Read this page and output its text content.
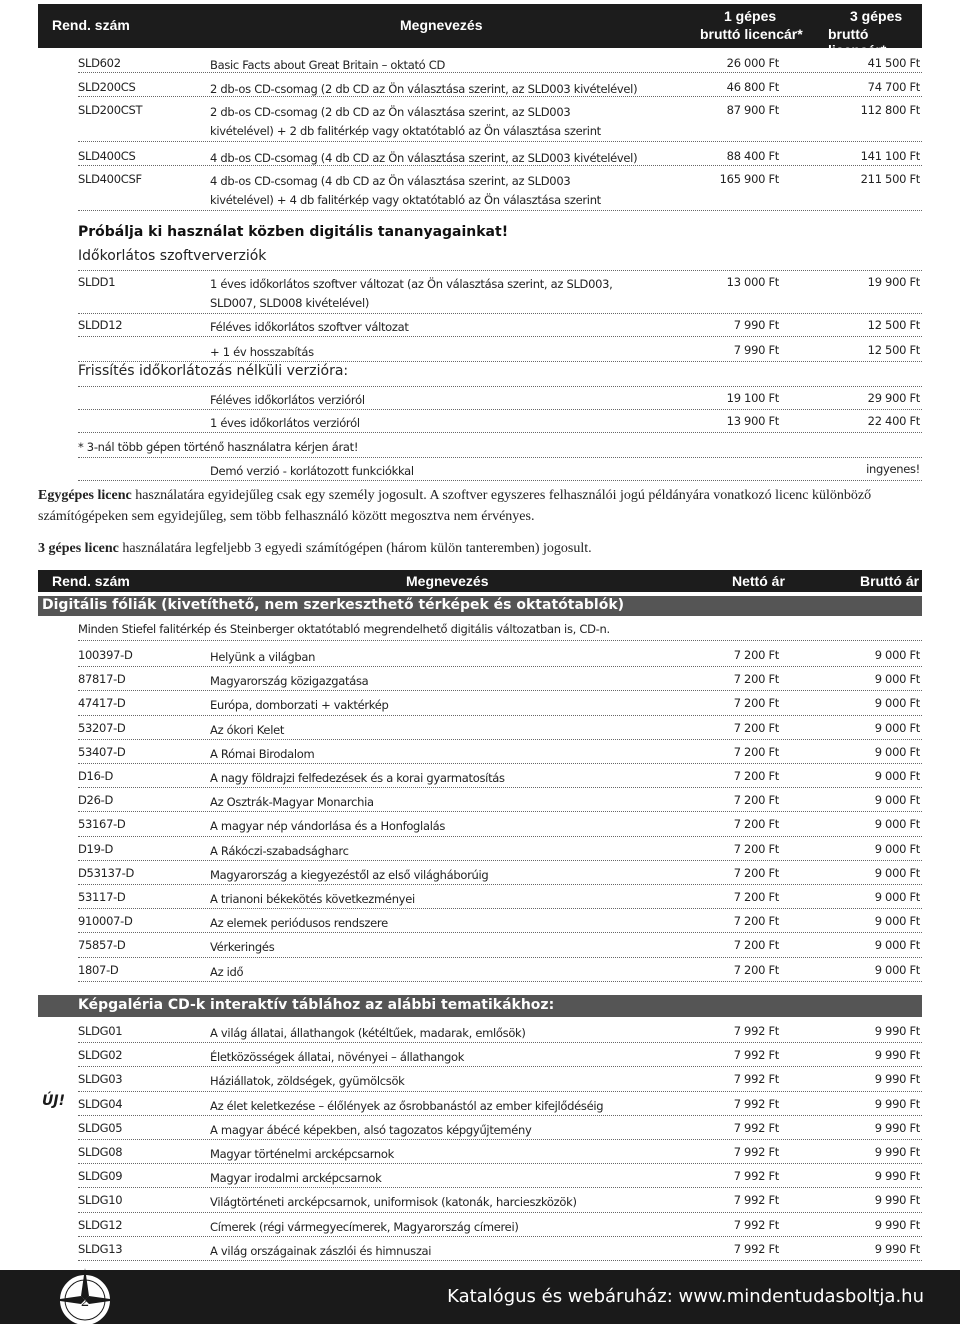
Rend. szám	Megnevezés
1 gépes
bruttó licencár*
3 gépes
bruttó licencár*
SLD602	Basic Facts about Great Britain – oktató CD	26 000 Ft	41 500 Ft
SLD200CS	2 db-os CD-csomag (2 db CD az Ön választása szerint, az SLD003 kivételével)	46 800 Ft	74 700 Ft
SLD200CST	2 db-os CD-csomag (2 db CD az Ön választása szerint, az SLD003 kivételével) + 2 db falitérkép vagy oktatótabló az Ön választása szerint
87 900 Ft	112 800 Ft
SLD400CS	4 db-os CD-csomag (4 db CD az Ön választása szerint, az SLD003 kivételével)	88 400 Ft	141 100 Ft
SLD400CSF	4 db-os CD-csomag (4 db CD az Ön választása szerint, az SLD003 kivételével) + 4 db falitérkép vagy oktatótabló az Ön választása szerint
165 900 Ft	211 500 Ft
Próbálja ki használat közben digitális tananyagainkat!
Időkorlátos szoftververziók
SLDD1	1 éves időkorlátos szoftver változat (az Ön választása szerint, az SLD003, SLD007, SLD008 kivételével)
13 000 Ft	19 900 Ft
SLDD12	Féléves időkorlátos szoftver változat	7 990 Ft	12 500 Ft
+ 1 év hosszabítás	7 990 Ft	12 500 Ft
Frissítés időkorlátozás nélküli verzióra:
Féléves időkorlátos verzióról	19 100 Ft	29 900 Ft
1 éves időkorlátos verzióról	13 900 Ft	22 400 Ft
* 3-nál több gépen történő használatra kérjen árat!
Demó verzió - korlátozott funkciókkal	ingyenes!
Egygépes licenc használatára egyidejűleg csak egy személy jogosult. A szoftver egyszeres felhasználói jogú példányára vonatkozó licenc különböző számítógépeken sem egyidejűleg, sem több felhasználó között megosztva nem érvényes.
3 gépes licenc használatára legfeljebb 3 egyedi számítógépen (három külön tanteremben) jogosult.
Rend. szám	Megnevezés	Nettó ár	Bruttó ár
Digitális fóliák (kivetíthető, nem szerkeszthető térképek és oktatótablók)
Minden Stiefel falitérkép és Steinberger oktatótabló megrendelhető digitális változatban is, CD-n.
100397-D	Helyünk a világban	7 200 Ft	9 000 Ft
87817-D	Magyarország közigazgatása	7 200 Ft	9 000 Ft
47417-D	Európa, domborzati + vaktérkép	7 200 Ft	9 000 Ft
53207-D	Az ókori Kelet	7 200 Ft	9 000 Ft
53407-D	A Római Birodalom	7 200 Ft	9 000 Ft
D16-D	A nagy földrajzi felfedezések és a korai gyarmatosítás	7 200 Ft	9 000 Ft
D26-D	Az Osztrák-Magyar Monarchia	7 200 Ft	9 000 Ft
53167-D	A magyar nép vándorlása és a Honfoglalás	7 200 Ft	9 000 Ft
D19-D	A Rákóczi-szabadságharc	7 200 Ft	9 000 Ft
D53137-D	Magyarország a kiegyezéstől az első világháborúig	7 200 Ft	9 000 Ft
53117-D	A trianoni békekötés következményei	7 200 Ft	9 000 Ft
910007-D	Az elemek periódusos rendszere	7 200 Ft	9 000 Ft
75857-D	Vérkeringés	7 200 Ft	9 000 Ft
1807-D	Az idő	7 200 Ft	9 000 Ft
Képgaléria CD-k interaktív táblához az alábbi tematikákhoz:
SLDG01	A világ állatai, állathangok (kétéltűek, madarak, emlősök)	7 992 Ft	9 990 Ft
SLDG02	Életközösségek állatai, növényei – állathangok	7 992 Ft	9 990 Ft
SLDG03	Háziállatok, zöldségek, gyümölcsök	7 992 Ft	9 990 Ft
SLDG04	Az élet keletkezése – élőlények az ősrobbanástól az ember kifejlődéséig	7 992 Ft	9 990 Ft
SLDG05	A magyar ábécé képekben, alsó tagozatos képgyűjtemény	7 992 Ft	9 990 Ft
SLDG08	Magyar történelmi arcképcsarnok	7 992 Ft	9 990 Ft
SLDG09	Magyar irodalmi arcképcsarnok	7 992 Ft	9 990 Ft
SLDG10	Világtörténeti arcképcsarnok, uniformisok (katonák, harcieszközök)	7 992 Ft	9 990 Ft
SLDG12	Címerek (régi vármegyecímerek, Magyarország címerei)	7 992 Ft	9 990 Ft
SLDG13	A világ országainak zászlói és himnuszai	7 992 Ft	9 990 Ft
ÚJ!
2	Katalógus és webáruház: www.mindentudasboltja.hu
